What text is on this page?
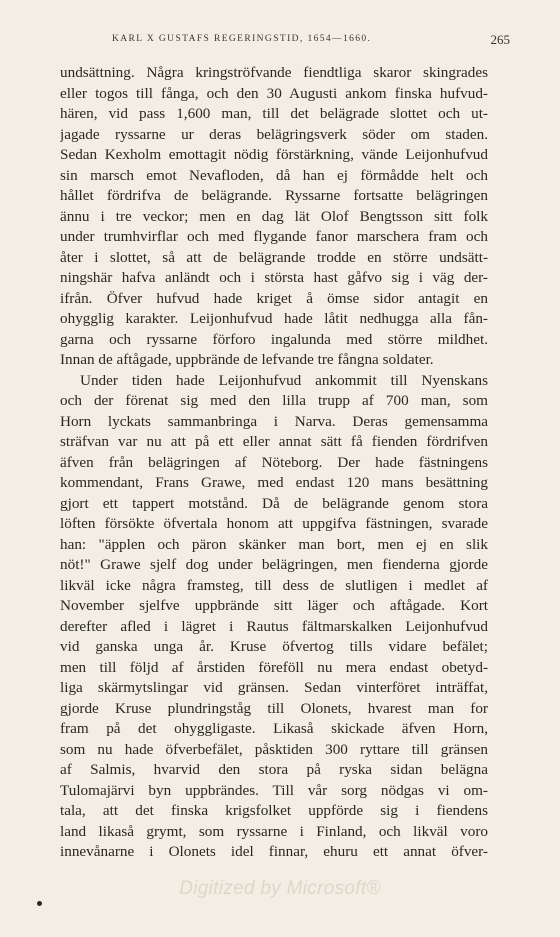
KARL X GUSTAFS REGERINGSTID, 1654—1660.	265
undsättning. Några kringströfvande fiendtliga skaror skingrades
eller togos till fånga, och den 30 Augusti ankom finska hufvud-
hären, vid pass 1,600 man, till det belägrade slottet och ut-
jagade ryssarne ur deras belägringsverk söder om staden.
Sedan Kexholm emottagit nödig förstärkning, vände Leijonhufvud
sin marsch emot Nevafloden, då han ej förmådde helt och
hållet fördrifva de belägrande. Ryssarne fortsatte belägringen
ännu i tre veckor; men en dag lät Olof Bengtsson sitt folk
under trumhvirflar och med flygande fanor marschera fram och
åter i slottet, så att de belägrande trodde en större undsätt-
ningshär hafva anländt och i största hast gåfvo sig i väg der-
ifrån. Öfver hufvud hade kriget å ömse sidor antagit en
ohygglig karakter. Leijonhufvud hade låtit nedhugga alla fån-
garna och ryssarne förforo ingalunda med större mildhet.
Innan de aftågade, uppbrände de lefvande tre fångna soldater.
Under tiden hade Leijonhufvud ankommit till Nyenskans
och der förenat sig med den lilla trupp af 700 man, som
Horn lyckats sammanbringa i Narva. Deras gemensamma
sträfvan var nu att på ett eller annat sätt få fienden fördrifven
äfven från belägringen af Nöteborg. Der hade fästningens
kommendant, Frans Grawe, med endast 120 mans besättning
gjort ett tappert motstånd. Då de belägrande genom stora
löften försökte öfvertala honom att uppgifva fästningen, svarade
han: "äpplen och päron skänker man bort, men ej en slik
nöt!" Grawe sjelf dog under belägringen, men fienderna gjorde
likväl icke några framsteg, till dess de slutligen i medlet af
November sjelfve uppbrände sitt läger och aftågade. Kort
derefter afled i lägret i Rautus fältmarskalken Leijonhufvud
vid ganska unga år. Kruse öfvertog tills vidare befälet;
men till följd af årstiden föreföll nu mera endast obetyd-
liga skärmytslingar vid gränsen. Sedan vinterföret inträffat,
gjorde Kruse plundringståg till Olonets, hvarest man for
fram på det ohyggligaste. Likaså skickade äfven Horn,
som nu hade öfverbefälet, påsktiden 300 ryttare till gränsen
af Salmis, hvarvid den stora på ryska sidan belägna
Tulomajärvi byn uppbrändes. Till vår sorg nödgas vi om-
tala, att det finska krigsfolket uppförde sig i fiendens
land likaså grymt, som ryssarne i Finland, och likväl voro
innevånarne i Olonets idel finnar, ehuru ett annat öfver-
Digitized by Microsoft®
